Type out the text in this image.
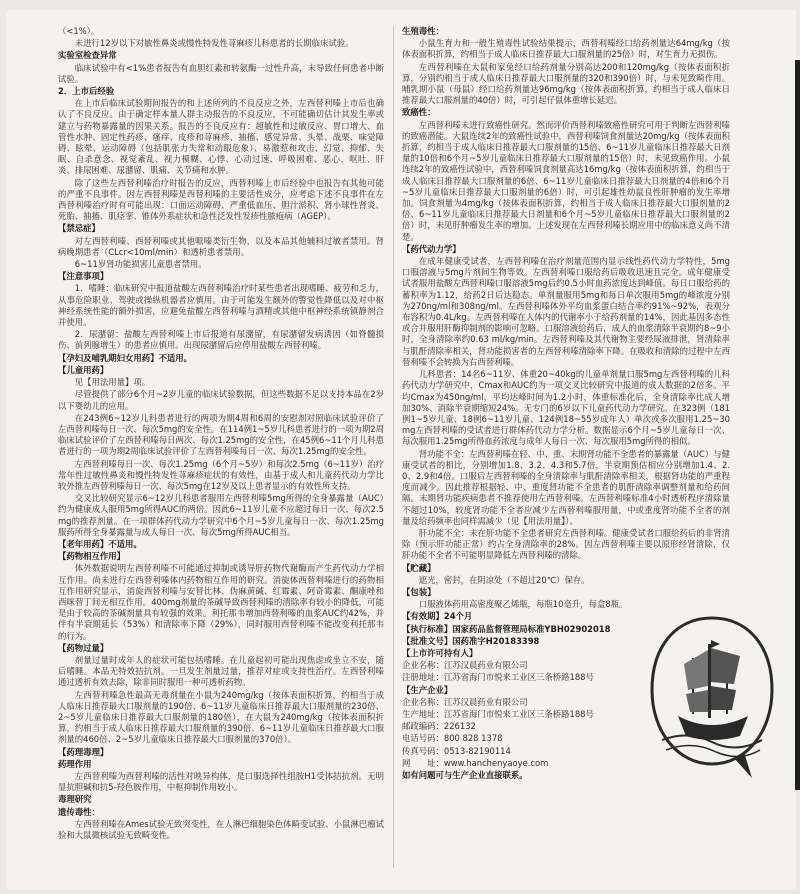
（<1%）。

未进行12岁以下对敏性鼻炎或慢性特发性荨麻疹儿科患者的长期临床试验。

实验室检查异常

临床试验中有<1%患者报告有血胆红素和转氨酶一过性升高，未导致任何患者中断试验。

2．上市后经验

在上市后临床试验期间报告的和上述所列的不良反应之外，左西替利嗪上市后也确认了不良反应。由于确定样本量人群主动报告的不良反应，不可能确切估计其发生率或建立与药物暴露量的因果关系。报告的不良反应有：超敏性和过敏反应、胃口增大、血管性水肿、固定性药疹、瘙痒、皮疹和荨麻疹、抽搐、感觉异常、头晕、战栗、味觉障碍、眩晕、运动障碍（包括肌张力失常和动眼危象）、易激惹和攻击、幻觉、抑郁、失眠、自杀意念、视觉紊乱、视力模糊、心悸、心动过速、呼吸困难、恶心、呕吐、肝炎、排尿困难、尿潴留、肌痛、关节痛和水肿。

除了这些左西替利嗪治疗时报告的反应，西替利嗪上市后经验中也报告有其他可能的严重不良事件。因左西替利嗪是西替利嗪的主要活性成分，应考虑下述不良事件在左西替利嗪治疗时有可能出现：口面运动障碍、严重低血压、胆汁淤积、肾小球性肾炎、死胎、抽搐、肌痉挛、锥体外系症状和急性泛发性发疹性脓疱病（AGEP）。

【禁忌症】

对左西替利嗪、西替利嗪或其他哌嗪类衍生物，以及本品其他辅料过敏者禁用。肾病晚期患者（CLcr<10ml/min）和透析患者禁用。

6~11岁肾功能损害儿童患者禁用。

【注意事项】

1．嗜睡：临床研究中报道盐酸左西替利嗪治疗时某些患者出现嗜睡、疲劳和乏力，从事危险职业、驾驶或操纵机器者应慎用。由于可能发生额外的警觉性降低以及对中枢神经系统性能的额外损害，应避免盐酸左西替利嗪与酒精或其他中枢神经系统镇静剂合并使用。

2．尿潴留：盐酸左西替利嗪上市后报道有尿潴留，有尿潴留发病诱因（如脊髓损伤、前列腺增生）的患者应慎用。出现尿潴留后应停用盐酸左西替利嗪。

【孕妇及哺乳期妇女用药】不适用。

【儿童用药】

见【用法用量】项。

尽管提供了部分6个月~2岁儿童的临床试验数据，但这些数据不足以支持本品在2岁以下婴幼儿的应用。

在243例6~12岁儿科患者进行的两项为期4周和6周的安慰剂对照临床试验评价了左西替利嗪每日一次、每次5mg的安全性。在114例1~5岁儿科患者进行的一项为期2周临床试验评价了左西替利嗪每日两次、每次1.25mg的安全性，在45例6~11个月儿科患者进行的一项为期2周临床试验评价了左西替利嗪每日一次、每次1.25mg的安全性。

左西替利嗪每日一次、每次1.25mg（6个月~5岁）和每次2.5mg（6~11岁）治疗常年性过敏性鼻炎和慢性特发性荨麻疹症状的有效性，由基于成人和儿童药代动力学比较外推左西替利嗪每日一次、每次5mg在12岁及以上患者显示的有效性所支持。

交叉比较研究显示6~12岁儿科患者服用左西替利嗪5mg所得的全身暴露量（AUC）约为健康成人服用5mg所得AUC的两倍。因此6~11岁儿童不应超过每日一次、每次2.5mg的推荐剂量。在一项群体药代动力学研究中6个月~5岁儿童每日一次、每次1.25mg服药所得全身暴露量与成人每日一次、每次5mg所得AUC相当。

【老年用药】不适用。

【药物相互作用】

体外数据说明左西替利嗪不可能通过抑制或诱导肝药物代谢酶而产生药代动力学相互作用。尚未进行左西替利嗪体内药物相互作用的研究。消旋体西替利嗪进行的药物相互作用研究显示，消旋西替利嗪与安替比林、伪麻黄碱、红霉素、阿奇霉素、酮康唑和西咪替丁间无相互作用。400mg剂量的茶碱导致西替利嗪的清除率有较小的降低，可能是由于较高的茶碱剂量具有较强的效果。利托那韦增加西替利嗪的血浆AUC约42%，并伴有半衰期延长（53%）和清除率下降（29%），同时服用西替利嗪不能改变利托那韦的行为。

【药物过量】

剂量过量时成年人的症状可能包括嗜睡。在儿童起初可能出现焦虑或坐立不安，随后嗜睡。本品无特效拮抗剂。一旦发生剂量过量，推荐对症或支持性治疗。左西替利嗪通过透析有效去除，除非同时服用一种可透析药物。

左西替利嗪急性最高无毒剂量在小鼠为240mg/kg（按体表面积折算，约相当于成人临床日推荐最大口服剂量的190倍、6~11岁儿童临床日推荐最大口服剂量的230倍、2~5岁儿童临床日推荐最大口服剂量的180倍），在大鼠为240mg/kg（按体表面积折算，约相当于成人临床日推荐最大口服剂量的390倍、6~11岁儿童临床日推荐最大口服剂量的460倍、2~5岁儿童临床日推荐最大口服剂量的370倍）。

【药理毒理】

药理作用

左西替利嗪为西替利嗪的活性对映异构体，是口服选择性组胺H1受体拮抗剂。无明显抗胆碱和抗5-羟色胺作用，中枢抑制作用较小。

毒理研究

遗传毒性：

左西替利嗪在Ames试验无致突变性，在人淋巴细胞染色体畸变试验、小鼠淋巴瘤试验和大鼠微核试验无致畸变性。

生殖毒性：

小鼠生育力和一般生殖毒性试验结果提示，西替利嗪经口给药剂量达64mg/kg（按体表面积折算，约相当于成人临床日推荐最大口服剂量的25倍）时，对生育力无损伤。

左西替利嗪在大鼠和家兔经口给药剂量分别高达200和120mg/kg（按体表面积折算，分别约相当于成人临床日推荐最大口服剂量的320和390倍）时，与未见致畸作用。哺乳期小鼠（母鼠）经口给药剂量达96mg/kg（按体表面积折算，约相当于成人临床日推荐最大口服剂量的40倍）时，可引起仔鼠体重增长延迟。

致癌性：

左西替利嗪未进行致癌性研究。然而评价西替利嗪致癌性研究可用于判断左西替利嗪的致癌潜能。大鼠连续2年的致癌性试验中，西替利嗪饲食剂量达20mg/kg（按体表面积折算，约相当于成人临床日推荐最大口服剂量的15倍、6~11岁儿童临床日推荐最大日剂量的10倍和6个月~5岁儿童临床日推荐最大口服剂量的15倍）时，未见致癌作用。小鼠连续2年的致癌性试验中，西替利嗪饲食剂量高达16mg/kg（按体表面积折算，约相当于成人临床日推荐最大口服剂量的6倍、6~11岁儿童临床日推荐最大日剂量的4倍和6个月~5岁儿童临床日推荐最大口服剂量的6倍）时，可引起雄性幼鼠良性肝肿瘤的发生率增加。饲食剂量为4mg/kg（按体表面积折算，约相当于成人临床日推荐最大口服剂量的2倍、6~11岁儿童临床日推荐最大日剂量和6个月~5岁儿童临床日推荐最大口服剂量的2倍）时，未见肝肿瘤发生率的增加。上述发现在左西替利嗪长期应用中的临床意义尚不清楚。

【药代动力学】

在成年健康受试者，左西替利嗪在治疗剂量范围内显示线性药代动力学特性，5mg口服溶液与5mg片剂间生物等效。左西替利嗪口服给药后吸收迅速且完全。成年健康受试者服用盐酸左西替利嗪口服溶液5mg后约0.5小时血药浓度达到峰值。每日口服给药的蓄积率为1.12，给药2日后达稳态。单剂量服用5mg和每日单次服用5mg的峰浓度分别为270ng/ml和308ng/ml。左西替利嗪体外平均血浆蛋白结合率约91%~92%，表观分布容积为0.4L/kg。左西替利嗪在人体内的代谢率小于给药剂量的14%，因此基因多态性或合并服用肝酶抑制剂的影响可忽略。口服溶液给药后，成人的血浆清除半衰期约8~9小时，全身清除率约0.63 ml/kg/min。左西替利嗪及其代谢物主要经尿液排泄，肾清除率与肌酐清除率相关，肾功能损害者的左西替利嗪清除率下降。在吸收和清除的过程中左西替利嗪不会转换为右西替利嗪。

儿科患者：14名6~11岁、体重20~40kg的儿童单剂量口服5mg左西替利嗪的儿科药代动力学研究中，Cmax和AUC约为一项交叉比较研究中报道的成人数据的2倍多。平均Cmax为450ng/ml，平均达峰时间为1.2小时，体重标准化后，全身清除率比成人增加30%、消除半衰期缩短24%。无专门的6岁以下儿童药代动力学研究。在323例（181例1~5岁儿童、18例6~11岁儿童、124例18~55岁成年人）单次或多次服用1.25~30mg左西替利嗪的受试者进行群体药代动力学分析。数据显示6个月~5岁儿童每日一次、每次服用1.25mg所得血药浓度与成年人每日一次、每次服用5mg所得的相似。

肾功能不全：左西替利嗪在轻、中、重、末期肾功能不全患者的暴露量（AUC）与健康受试者的相比，分别增加1.8、3.2、4.3和5.7倍，半衰期预估相应分别增加1.4、2.0、2.9和4倍。口服后左西替利嗪的全身清除率与肌酐清除率相关，根据肾功能的严重程度而减少。因此推荐根据轻、中、重度肾功能不全患者的肌酐清除率调整剂量和给药间隔。末期肾功能疾病患者不推荐使用左西替利嗪。左西替利嗪标准4小时透析程序清除量不超过10%，较度肾功能不全者应减少左西替利嗪服用量，中或重度肾功能不全者的剂量及给药频率也同样需减少（见【用法用量】）。

肝功能不全：未在肝功能不全患者研究左西替利嗪。健康受试者口服给药后的非肾清除（预示肝功能正常）约占全身清除率的28%。因左西替利嗪主要以原形经肾清除，仅肝功能不全者不可能明显降低左西替利嗪的清除。

【贮藏】

遮光，密封，在阴凉处（不超过20℃）保存。

【包装】

口服液体药用高密度聚乙烯瓶，每瓶10毫升，每盒8瓶。

【有效期】24个月

【执行标准】国家药品监督管理局标准YBH02902018

【批准文号】国药准字H20183398

【上市许可持有人】

企业名称：江苏汉晨药业有限公司

注册地址：江苏省海门市悦来工业区三条桥路188号

【生产企业】

企业名称：江苏汉晨药业有限公司

生产地址：江苏省海门市悦来工业区三条桥路188号

邮政编码：226132

电话号码：800 828 1378

传真号码：0513-82190114

网　　址：www.hanchenyaoye.com

如有问题可与生产企业直接联系。
